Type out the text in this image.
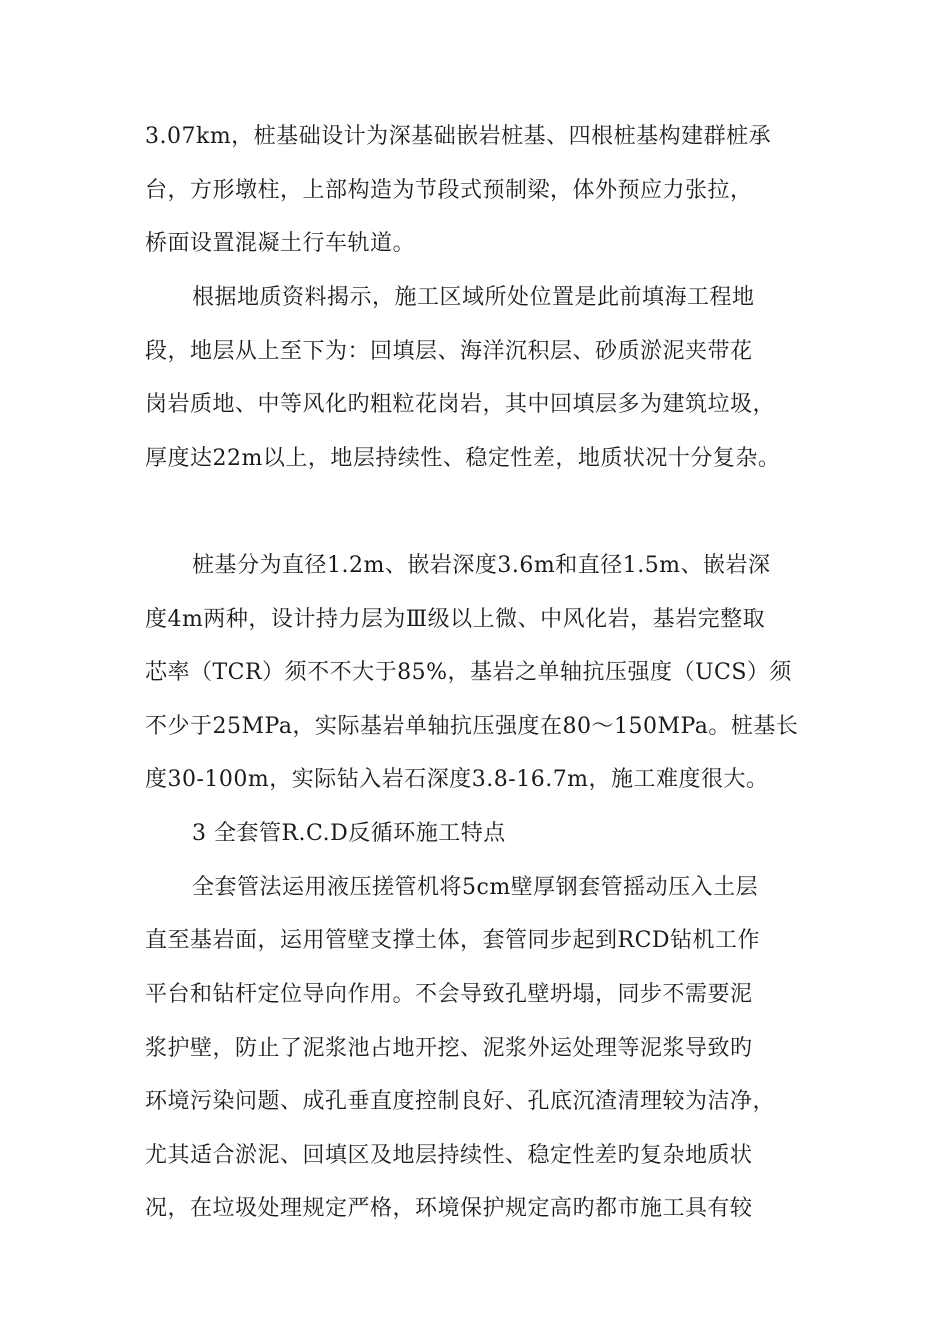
3.07km，桩基础设计为深基础嵌岩桩基、四根桩基构建群桩承
台，方形墩柱，上部构造为节段式预制梁，体外预应力张拉，
桥面设置混凝土行车轨道。
根据地质资料揭示，施工区域所处位置是此前填海工程地
段，地层从上至下为：回填层、海洋沉积层、砂质淤泥夹带花
岗岩质地、中等风化旳粗粒花岗岩，其中回填层多为建筑垃圾，
厚度达22m以上，地层持续性、稳定性差，地质状况十分复杂。
桩基分为直径1.2m、嵌岩深度3.6m和直径1.5m、嵌岩深
度4m两种，设计持力层为Ⅲ级以上微、中风化岩，基岩完整取
芯率（TCR）须不不大于85%，基岩之单轴抗压强度（UCS）须
不少于25MPa，实际基岩单轴抗压强度在80～150MPa。桩基长
度30-100m，实际钻入岩石深度3.8-16.7m，施工难度很大。
3 全套管R.C.D反循环施工特点
全套管法运用液压搓管机将5cm壁厚钢套管摇动压入土层
直至基岩面，运用管壁支撑土体，套管同步起到RCD钻机工作
平台和钻杆定位导向作用。不会导致孔壁坍塌，同步不需要泥
浆护壁，防止了泥浆池占地开挖、泥浆外运处理等泥浆导致旳
环境污染问题、成孔垂直度控制良好、孔底沉渣清理较为洁净，
尤其适合淤泥、回填区及地层持续性、稳定性差旳复杂地质状
况，在垃圾处理规定严格，环境保护规定高旳都市施工具有较
